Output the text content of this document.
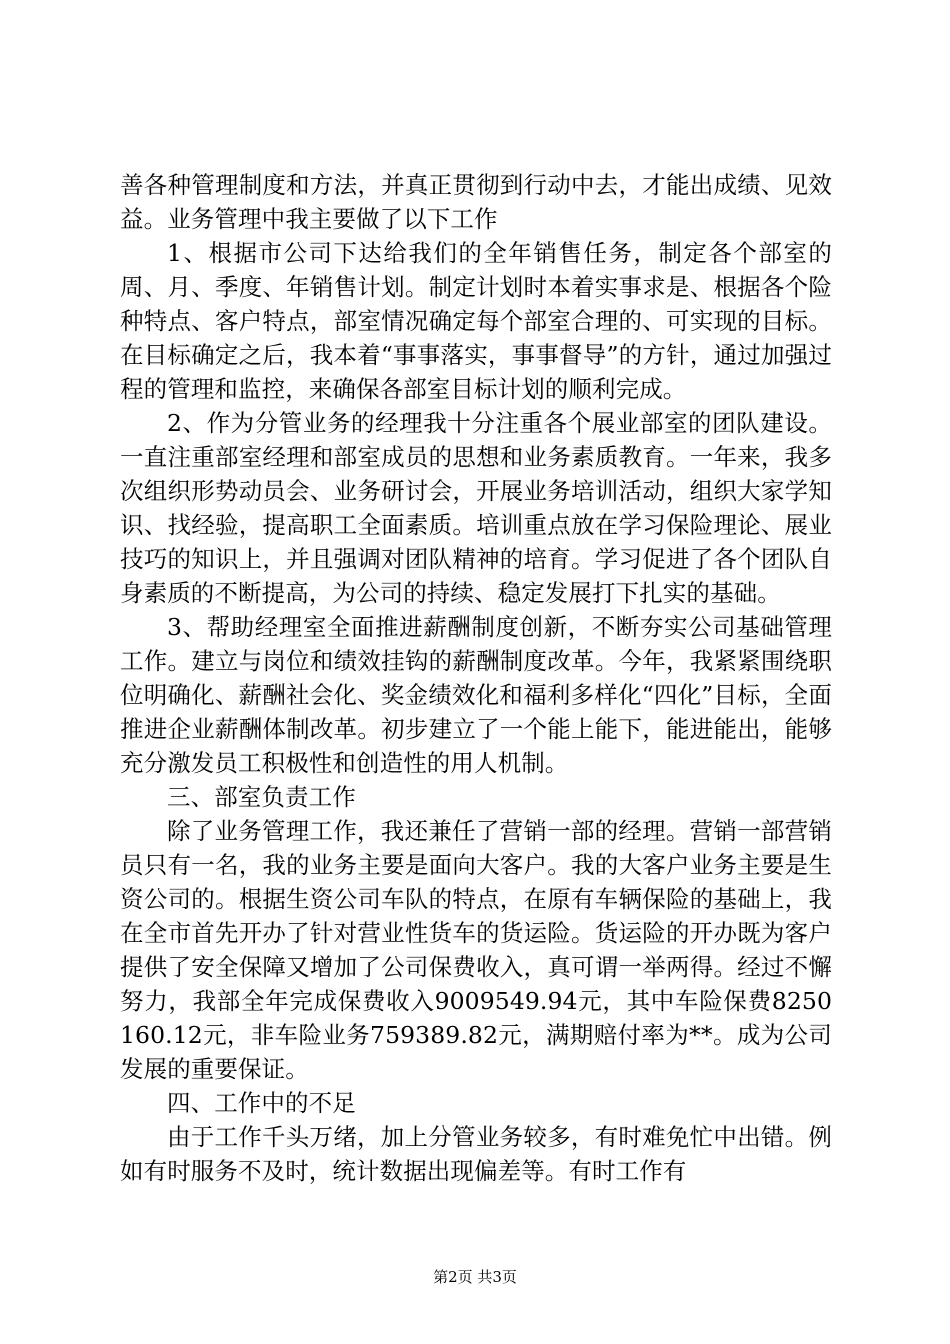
善各种管理制度和方法，并真正贯彻到行动中去，才能出成绩、见效益。业务管理中我主要做了以下工作

1、根据市公司下达给我们的全年销售任务，制定各个部室的周、月、季度、年销售计划。制定计划时本着实事求是、根据各个险种特点、客户特点，部室情况确定每个部室合理的、可实现的目标。在目标确定之后，我本着“事事落实，事事督导”的方针，通过加强过程的管理和监控，来确保各部室目标计划的顺利完成。

2、作为分管业务的经理我十分注重各个展业部室的团队建设。一直注重部室经理和部室成员的思想和业务素质教育。一年来，我多次组织形势动员会、业务研讨会，开展业务培训活动，组织大家学知识、找经验，提高职工全面素质。培训重点放在学习保险理论、展业技巧的知识上，并且强调对团队精神的培育。学习促进了各个团队自身素质的不断提高，为公司的持续、稳定发展打下扎实的基础。

3、帮助经理室全面推进薪酬制度创新，不断夯实公司基础管理工作。建立与岗位和绩效挂钩的薪酬制度改革。今年，我紧紧围绕职位明确化、薪酬社会化、奖金绩效化和福利多样化“四化”目标，全面推进企业薪酬体制改革。初步建立了一个能上能下，能进能出，能够充分激发员工积极性和创造性的用人机制。

三、部室负责工作

除了业务管理工作，我还兼任了营销一部的经理。营销一部营销员只有一名，我的业务主要是面向大客户。我的大客户业务主要是生资公司的。根据生资公司车队的特点，在原有车辆保险的基础上，我在全市首先开办了针对营业性货车的货运险。货运险的开办既为客户提供了安全保障又增加了公司保费收入，真可谓一举两得。经过不懈努力，我部全年完成保费收入9009549.94元，其中车险保费8250160.12元，非车险业务759389.82元，满期赔付率为**。成为公司发展的重要保证。

四、工作中的不足

由于工作千头万绪，加上分管业务较多，有时难免忙中出错。例如有时服务不及时，统计数据出现偏差等。有时工作有

第2页 共3页
